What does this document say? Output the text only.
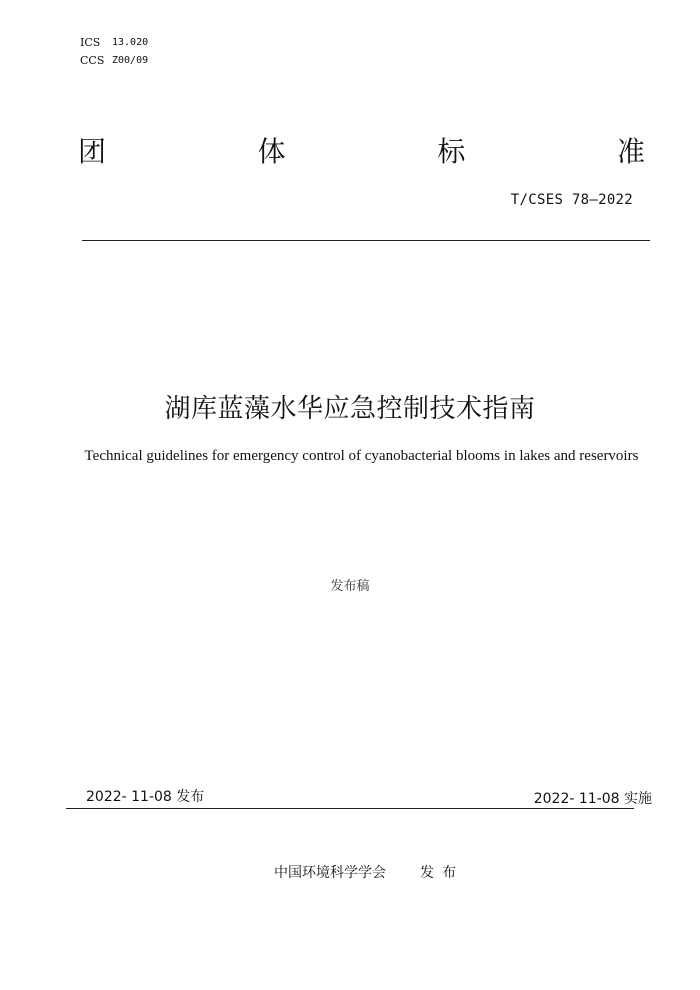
ICS	13.020
CCS Z00/09
团	体	标	准
T/CSES 78—2022
湖库蓝藻水华应急控制技术指南
Technical guidelines for emergency control of cyanobacterial blooms in lakes and reservoirs
发布稿
2022- 11-08 发布	2022- 11-08 实施
中国环境科学学会 发布
